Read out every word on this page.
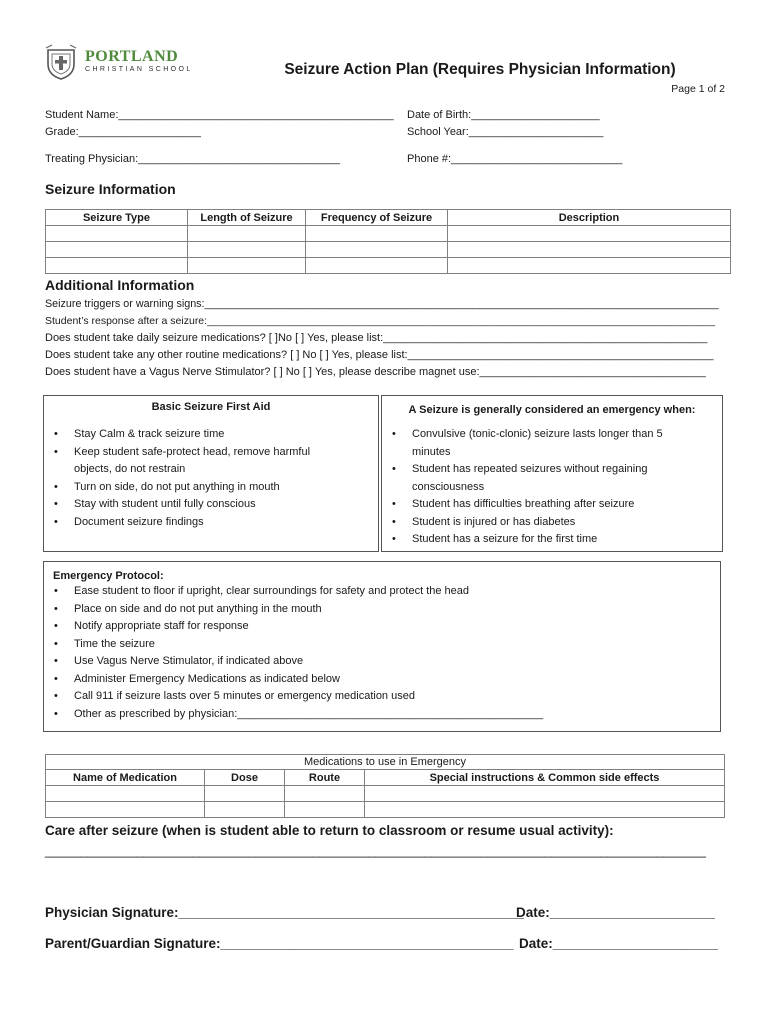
PORTLAND
CHRISTIAN SCHOOL	Seizure Action Plan (Requires Physician Information)
Page 1 of 2
Student Name:_____________________________________________ Date of Birth:_____________________
Grade:____________________	School Year:______________________
Treating Physician:_________________________________	Phone #:____________________________
Seizure Information
Seizure Type	Length of Seizure	Frequency of Seizure	Description

Additional Information
Seizure triggers or warning signs:______________________________________________________________________________________
Student’s response after a seizure:_______________________________________________________________________________________
Does student take daily seizure medications? [ ]No [ ] Yes, please list:_____________________________________________________
Does student take any other routine medications? [ ] No [ ] Yes, please list:__________________________________________________
Does student have a Vagus Nerve Stimulator? [ ] No [ ] Yes, please describe magnet use:_____________________________________
Basic Seizure First Aid
• Stay Calm & track seizure time
• Keep student safe-protect head, remove harmful objects, do not restrain
• Turn on side, do not put anything in mouth
• Stay with student until fully conscious
• Document seizure findings
A Seizure is generally considered an emergency when:
• Convulsive (tonic-clonic) seizure lasts longer than 5 minutes
• Student has repeated seizures without regaining consciousness
• Student has difficulties breathing after seizure
• Student is injured or has diabetes
• Student has a seizure for the first time
Emergency Protocol:
• Ease student to floor if upright, clear surroundings for safety and protect the head
• Place on side and do not put anything in the mouth
• Notify appropriate staff for response
• Time the seizure
• Use Vagus Nerve Stimulator, if indicated above
• Administer Emergency Medications as indicated below
• Call 911 if seizure lasts over 5 minutes or emergency medication used
• Other as prescribed by physician:__________________________________________________
Medications to use in Emergency			
Name of Medication	Dose	Route	Special instructions & Common side effects

Care after seizure (when is student able to return to classroom or resume usual activity):
______________________________________________________________________________________________
Physician Signature:______________________________________________
Date:______________________
Parent/Guardian Signature:_______________________________________ Date:______________________
